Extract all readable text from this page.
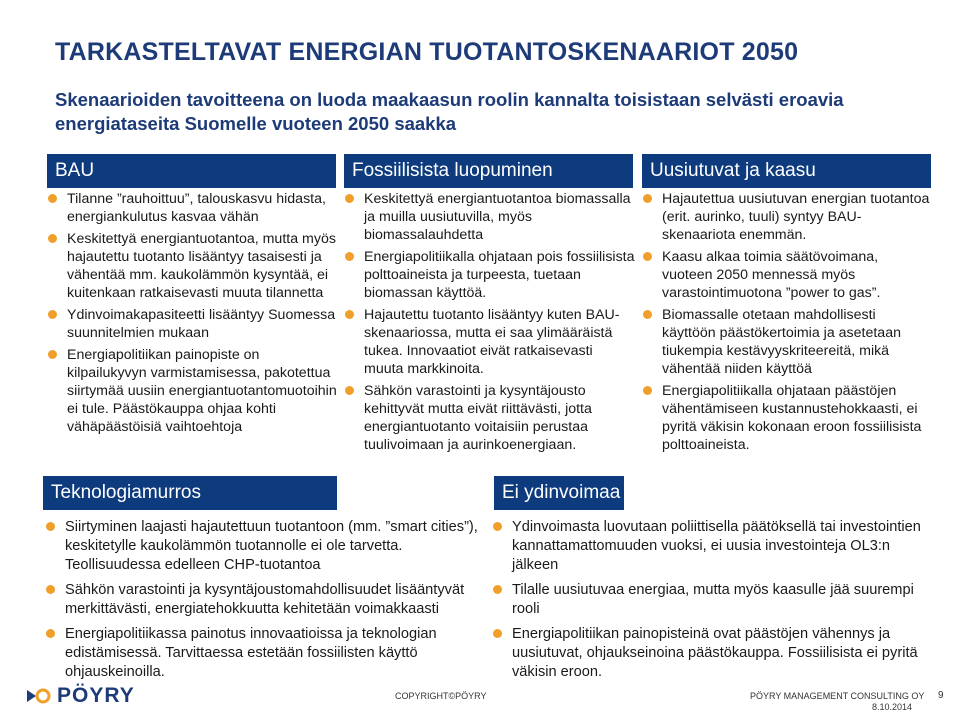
TARKASTELTAVAT ENERGIAN TUOTANTOSKENAARIOT 2050
Skenaarioiden tavoitteena on luoda maakaasun roolin kannalta toisistaan selvästi eroavia energiataseita Suomelle vuoteen 2050 saakka
BAU	Fossiilisista luopuminen	Uusiutuvat ja kaasu
Tilanne ”rauhoittuu”, talouskasvu hidasta, energiankulutus kasvaa vähän
Keskitettyä energiantuotantoa, mutta myös hajautettu tuotanto lisääntyy tasaisesti ja vähentää mm. kaukolämmön kysyntää, ei kuitenkaan ratkaisevasti muuta tilannetta
Ydinvoimakapasiteetti lisääntyy Suomessa suunnitelmien mukaan
Energiapolitiikan painopiste on kilpailukyvyn varmistamisessa, pakotettua siirtymää uusiin energiantuotantomuotoihin ei tule. Päästökauppa ohjaa kohti vähäpäästöisiä vaihtoehtoja
Keskitettyä energiantuotantoa biomassalla ja muilla uusiutuvilla, myös biomassalauhdetta
Energiapolitiikalla ohjataan pois fossiilisista polttoaineista ja turpeesta, tuetaan biomassan käyttöä.
Hajautettu tuotanto lisääntyy kuten BAU-skenaariossa, mutta ei saa ylimääräistä tukea. Innovaatiot eivät ratkaisevasti muuta markkinoita.
Sähkön varastointi ja kysyntäjousto kehittyvät mutta eivät riittävästi, jotta energiantuotanto voitaisiin perustaa tuulivoimaan ja aurinkoenergiaan.
Hajautettua uusiutuvan energian tuotantoa (erit. aurinko, tuuli) syntyy BAU-skenaariota enemmän.
Kaasu alkaa toimia säätövoimana, vuoteen 2050 mennessä myös varastointimuotona ”power to gas”.
Biomassalle otetaan mahdollisesti käyttöön päästökertoimia ja asetetaan tiukempia kestävyyskriteereitä, mikä vähentää niiden käyttöä
Energiapolitiikalla ohjataan päästöjen vähentämiseen kustannustehokkaasti, ei pyritä väkisin kokonaan eroon fossiilisista polttoaineista.
Teknologiamurros	Ei ydinvoimaa
Siirtyminen laajasti hajautettuun tuotantoon (mm. ”smart cities”), keskitetylle kaukolämmön tuotannolle ei ole tarvetta. Teollisuudessa edelleen CHP-tuotantoa
Sähkön varastointi ja kysyntäjoustomahdollisuudet lisääntyvät merkittävästi, energiatehokkuutta kehitetään voimakkaasti
Energiapolitiikassa painotus innovaatioissa ja teknologian edistämisessä. Tarvittaessa estetään fossiilisten käyttö ohjauskeinoilla.
Ydinvoimasta luovutaan poliittisella päätöksellä tai investointien kannattamattomuuden vuoksi, ei uusia investointeja OL3:n jälkeen
Tilalle uusiutuvaa energiaa, mutta myös kaasulle jää suurempi rooli
Energiapolitiikan painopisteinä ovat päästöjen vähennys ja uusiutuvat, ohjaukseinoina päästökauppa. Fossiilisista ei pyritä väkisin eroon.
PÖYRY	COPYRIGHT©PÖYRY	PÖYRY MANAGEMENT CONSULTING OY 9
8.10.2014
